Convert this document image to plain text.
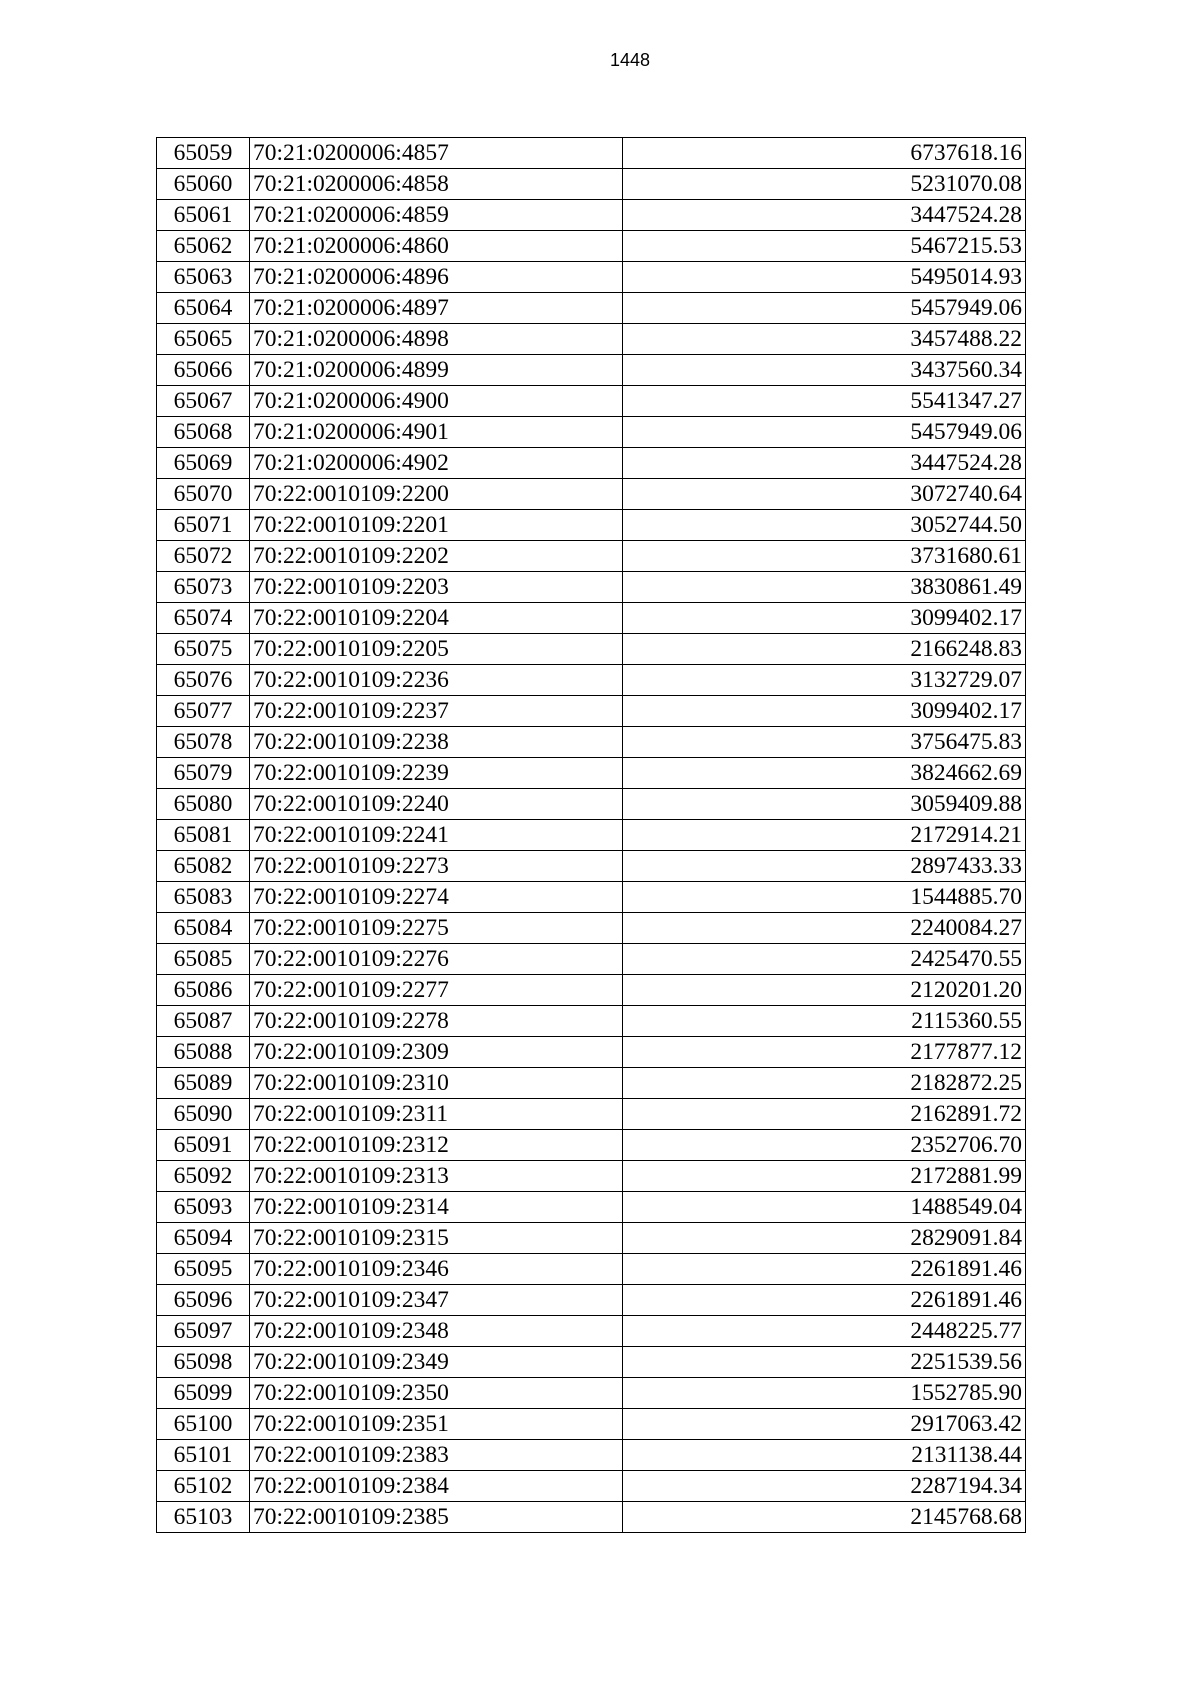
1448
65059	70:21:0200006:4857	6737618.16
65060	70:21:0200006:4858	5231070.08
65061	70:21:0200006:4859	3447524.28
65062	70:21:0200006:4860	5467215.53
65063	70:21:0200006:4896	5495014.93
65064	70:21:0200006:4897	5457949.06
65065	70:21:0200006:4898	3457488.22
65066	70:21:0200006:4899	3437560.34
65067	70:21:0200006:4900	5541347.27
65068	70:21:0200006:4901	5457949.06
65069	70:21:0200006:4902	3447524.28
65070	70:22:0010109:2200	3072740.64
65071	70:22:0010109:2201	3052744.50
65072	70:22:0010109:2202	3731680.61
65073	70:22:0010109:2203	3830861.49
65074	70:22:0010109:2204	3099402.17
65075	70:22:0010109:2205	2166248.83
65076	70:22:0010109:2236	3132729.07
65077	70:22:0010109:2237	3099402.17
65078	70:22:0010109:2238	3756475.83
65079	70:22:0010109:2239	3824662.69
65080	70:22:0010109:2240	3059409.88
65081	70:22:0010109:2241	2172914.21
65082	70:22:0010109:2273	2897433.33
65083	70:22:0010109:2274	1544885.70
65084	70:22:0010109:2275	2240084.27
65085	70:22:0010109:2276	2425470.55
65086	70:22:0010109:2277	2120201.20
65087	70:22:0010109:2278	2115360.55
65088	70:22:0010109:2309	2177877.12
65089	70:22:0010109:2310	2182872.25
65090	70:22:0010109:2311	2162891.72
65091	70:22:0010109:2312	2352706.70
65092	70:22:0010109:2313	2172881.99
65093	70:22:0010109:2314	1488549.04
65094	70:22:0010109:2315	2829091.84
65095	70:22:0010109:2346	2261891.46
65096	70:22:0010109:2347	2261891.46
65097	70:22:0010109:2348	2448225.77
65098	70:22:0010109:2349	2251539.56
65099	70:22:0010109:2350	1552785.90
65100	70:22:0010109:2351	2917063.42
65101	70:22:0010109:2383	2131138.44
65102	70:22:0010109:2384	2287194.34
65103	70:22:0010109:2385	2145768.68
